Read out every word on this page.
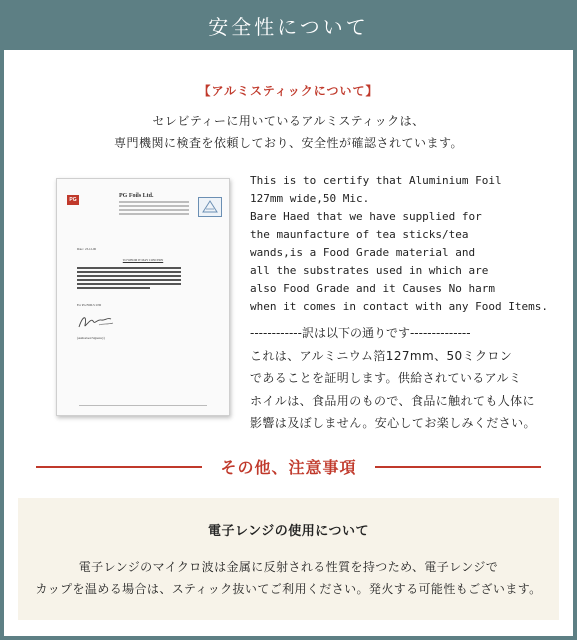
安全性について
【アルミスティックについて】

セレビティーに用いているアルミスティックは、

専門機関に検査を依頼しており、安全性が確認されています。

PG
PG Foils Ltd.
Date : 23-12-06
TO WHOM IT MAY CONCERN
For PG FOILS LTD
(Authorised Signatory)

This is to certify that Aluminium Foil

127mm wide,50 Mic.

Bare Haed that we have supplied for

the maunfacture of tea sticks/tea

wands,is a Food Grade material and

all the substrates used in which are

also Food Grade and it Causes No harm

when it comes in contact with any Food Items.

------------訳は以下の通りです--------------

これは、アルミニウム箔127mm、50ミクロン

であることを証明します。供給されているアルミ

ホイルは、食品用のもので、食品に触れても人体に

影響は及ぼしません。安心してお楽しみください。

その他、注意事項
電子レンジの使用について

電子レンジのマイクロ波は金属に反射される性質を持つため、電子レンジで

カップを温める場合は、スティック抜いてご利用ください。発火する可能性もございます。
